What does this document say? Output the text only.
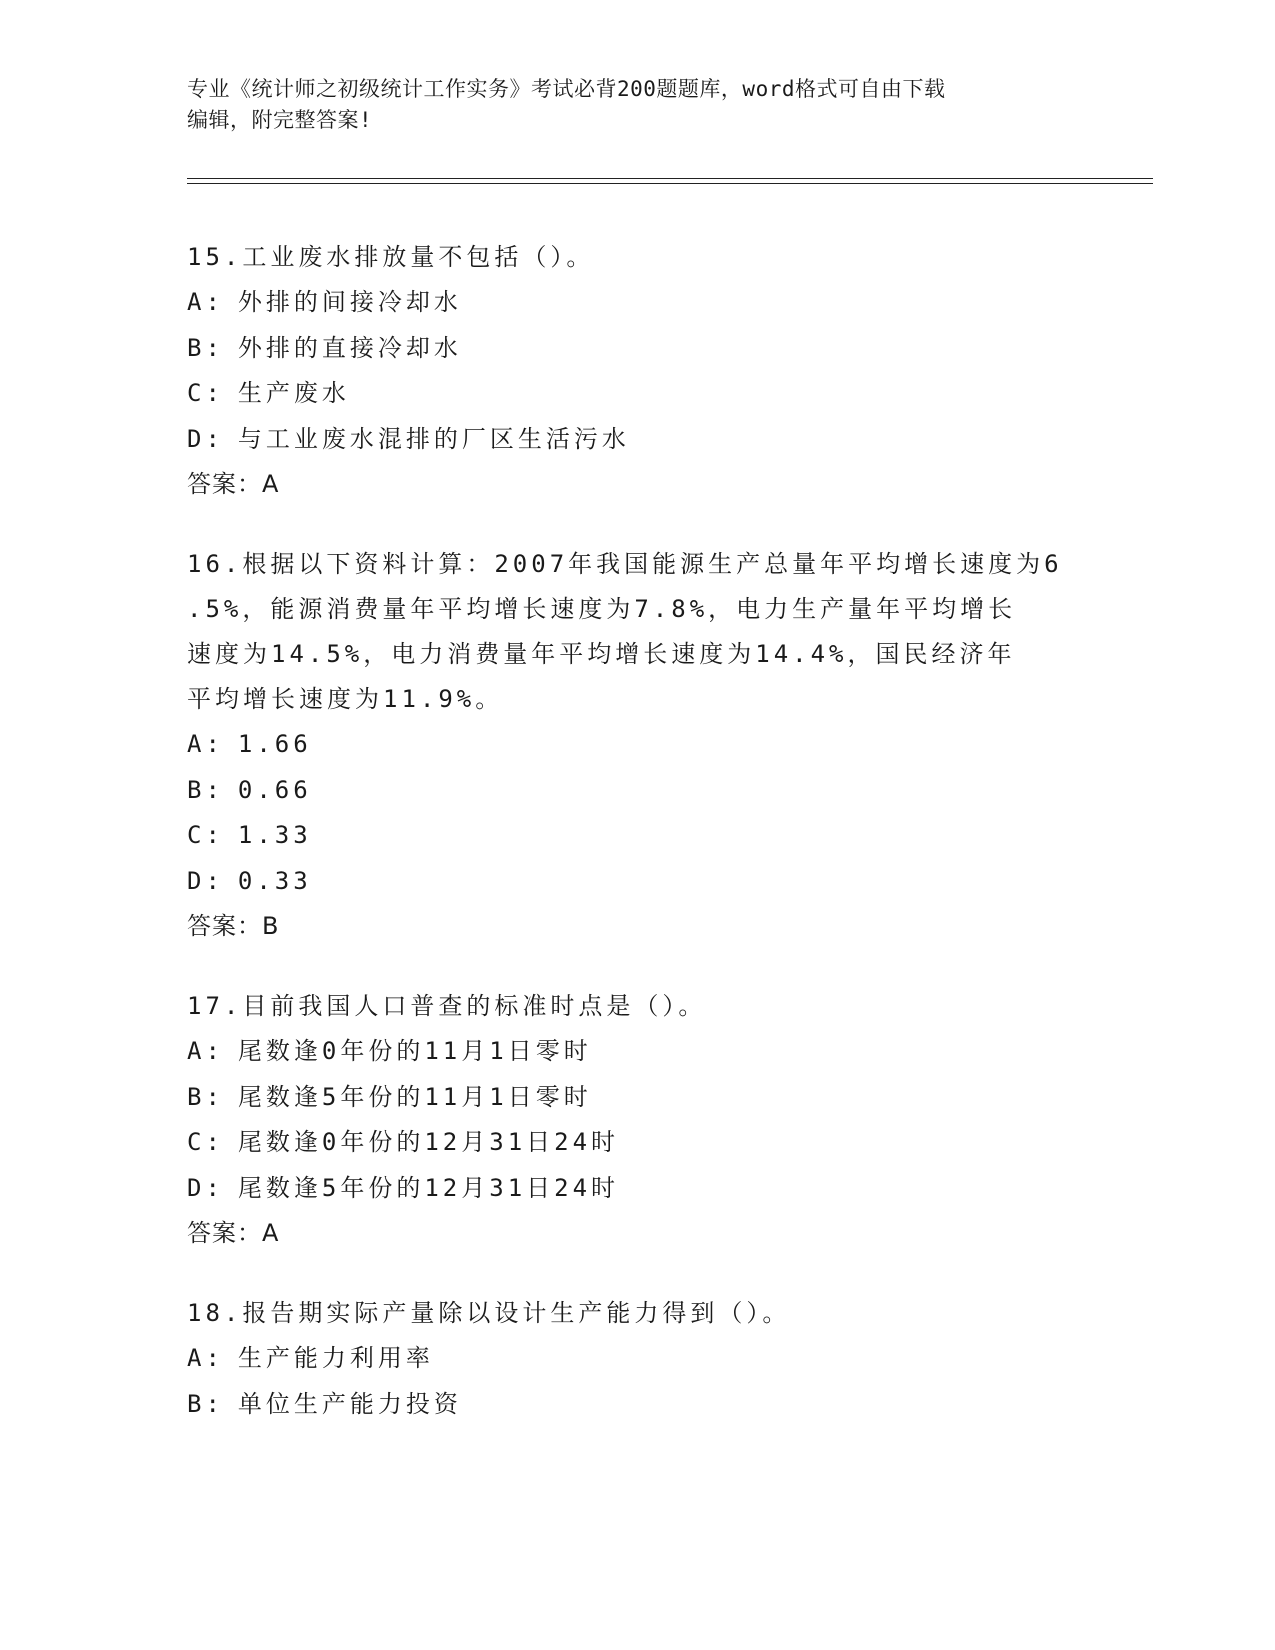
专业《统计师之初级统计工作实务》考试必背200题题库，word格式可自由下载
编辑，附完整答案!
15.工业废水排放量不包括（）。
A: 外排的间接冷却水
B: 外排的直接冷却水
C: 生产废水
D: 与工业废水混排的厂区生活污水
答案：A
16.根据以下资料计算：2007年我国能源生产总量年平均增长速度为6
.5%，能源消费量年平均增长速度为7.8%，电力生产量年平均增长
速度为14.5%，电力消费量年平均增长速度为14.4%，国民经济年
平均增长速度为11.9%。
A: 1.66
B: 0.66
C: 1.33
D: 0.33
答案：B
17.目前我国人口普查的标准时点是（）。
A: 尾数逢0年份的11月1日零时
B: 尾数逢5年份的11月1日零时
C: 尾数逢0年份的12月31日24时
D: 尾数逢5年份的12月31日24时
答案：A
18.报告期实际产量除以设计生产能力得到（）。
A: 生产能力利用率
B: 单位生产能力投资
